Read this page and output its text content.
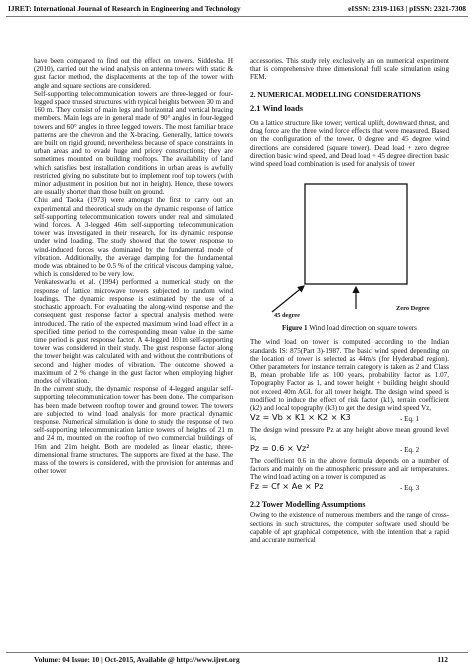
IJRET: International Journal of Research in Engineering and Technology	eISSN: 2319-1163 | pISSN: 2321-7308

have been compared to find out the effect on towers. Siddesha. H (2010), carried out the wind analysis on antenna towers with static & gust factor method, the displacements at the top of the tower with angle and square sections are considered.

Self-supporting telecommunication towers are three-legged or four-legged space trussed structures with typical heights between 30 m and 160 m. They consist of main legs and horizontal and vertical bracing members. Main legs are in general made of 90° angles in four-legged towers and 60° angles in three legged towers. The most familiar brace patterns are the chevron and the X-bracing. Generally, lattice towers are built on rigid ground, nevertheless because of space constraints in urban areas and to evade huge and pricey constructions; they are sometimes mounted on building rooftops. The availability of land which satisfies best installation conditions in urban areas is awfully restricted giving no substitute but to implement roof top towers (with minor adjustment in position but not in height). Hence, these towers are usually shorter than those built on ground.

Chiu and Taoka (1973) were amongst the first to carry out an experimental and theoretical study on the dynamic response of lattice self-supporting telecommunication towers under real and simulated wind forces. A 3-legged 46m self-supporting telecommunication tower was investigated in their research, for its dynamic response under wind loading. The study showed that the tower response to wind-induced forces was dominated by the fundamental mode of vibration. Additionally, the average damping for the fundamental mode was obtained to be 0.5 % of the critical viscous damping value, which is considered to be very low.

Venkateswarlu et al. (1994) performed a numerical study on the response of lattice microwave towers subjected to random wind loadings. The dynamic response is estimated by the use of a stochastic approach. For evaluating the along-wind response and the consequent gust response factor a spectral analysis method were introduced. The ratio of the expected maximum wind load effect in a specified time period to the corresponding mean value in the same time period is gust response factor. A 4-legged 101m self-supporting tower was considered in their study. The gust response factor along the tower height was calculated with and without the contributions of second and higher modes of vibration. The outcome showed a maximum of 2 % change in the gust factor when employing higher modes of vibration.

In the current study, the dynamic response of 4-legged angular self-supporting telecommunication tower has been done. The comparison has been made between rooftop tower and ground tower. The towers are subjected to wind load analysis for more practical dynamic response. Numerical simulation is done to study the response of two self-supporting telecommunication lattice towers of heights of 21 m and 24 m, mounted on the rooftop of two commercial buildings of 16m and 21m height. Both are modeled as linear elastic, three-dimensional frame structures. The supports are fixed at the base. The mass of the towers is considered, with the provision for antennas and other tower

accessories. This study rely exclusively an on numerical experiment that is comprehensive three dimensional full scale simulation using FEM.

2. NUMERICAL MODELLING CONSIDERATIONS

2.1 Wind loads

On a lattice structure like tower; vertical uplift, downward thrust, and drag force are the three wind force effects that were measured. Based on the configuration of the tower, 0 degree and 45 degree wind directions are considered (square tower). Dead load + zero degree direction basic wind speed, and Dead load + 45 degree direction basic wind speed load combination is used for analysis of tower

45 degree
Zero Degree

Figure 1 Wind load direction on square towers

The wind load on tower is computed according to the Indian standards IS: 875(Part 3)-1987. The basic wind speed depending on the location of tower is selected as 44m/s (for Hyderabad region). Other parameters for instance terrain category is taken as 2 and Class B, mean probable life as 100 years, probability factor as 1.07, Topography Factor as 1, and tower height + building height should not exceed 40m AGL for all tower height. The design wind speed is modified to induce the effect of risk factor (k1), terrain coefficient (k2) and local topography (k3) to get the design wind speed Vz,

Vz = Vb × K1 × K2 × K3	- Eq. 1

The design wind pressure Pz at any height above mean ground level is,

Pz = 0.6 × Vz²	- Eq. 2

The coefficient 0.6 in the above formula depends on a number of factors and mainly on the atmospheric pressure and air temperatures. The wind load acting on a tower is computed as

Fz = Cf × Ae × Pz	- Eq. 3

2.2 Tower Modelling Assumptions

Owing to the existence of numerous members and the range of cross-sections in such structures, the computer software used should be capable of apt graphical competence, with the intention that a rapid and accurate numerical

Volume: 04 Issue: 10 | Oct-2015, Available @ http://www.ijret.org	112
